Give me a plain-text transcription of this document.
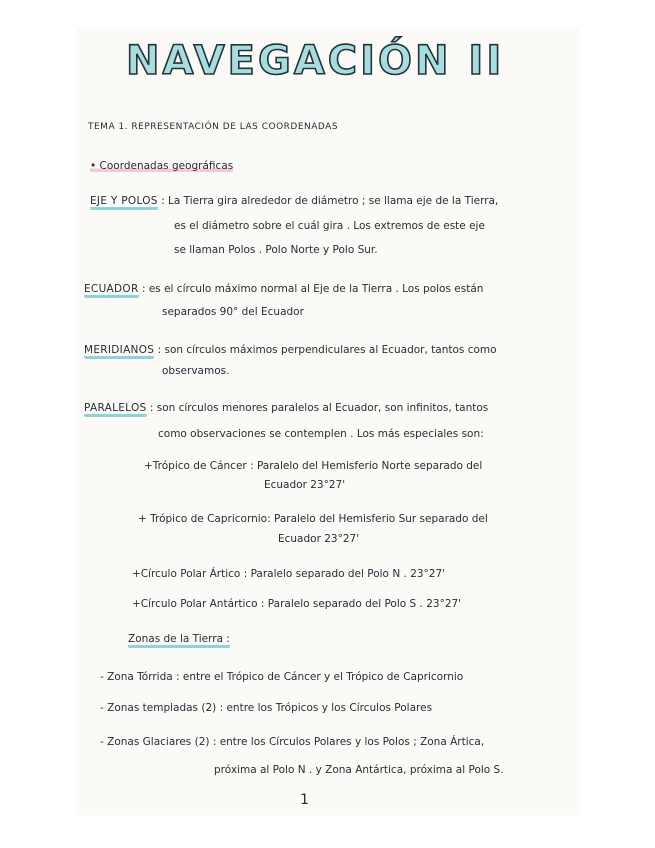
NAVEGACIÓN II
TEMA 1. REPRESENTACIÓN DE LAS COORDENADAS
• Coordenadas geográficas
EJE Y POLOS : La Tierra gira alrededor de diámetro ; se llama eje de la Tierra,
es el diámetro sobre el cuál gira . Los extremos de este eje
se llaman Polos . Polo Norte y Polo Sur.
ECUADOR : es el círculo máximo normal al Eje de la Tierra . Los polos están
separados 90° del Ecuador
MERIDIANOS : son círculos máximos perpendiculares al Ecuador, tantos como
observamos.
PARALELOS : son círculos menores paralelos al Ecuador, son infinitos, tantos
como observaciones se contemplen . Los más especiales son:
+Trópico de Cáncer : Paralelo del Hemisferio Norte separado del
Ecuador 23°27'
+ Trópico de Capricornio: Paralelo del Hemisferio Sur separado del
Ecuador 23°27'
+Círculo Polar Ártico : Paralelo separado del Polo N . 23°27'
+Círculo Polar Antártico : Paralelo separado del Polo S . 23°27'
Zonas de la Tierra :
- Zona Tórrida : entre el Trópico de Cáncer y el Trópico de Capricornio
- Zonas templadas (2) : entre los Trópicos y los Círculos Polares
- Zonas Glaciares (2) : entre los Círculos Polares y los Polos ; Zona Ártica,
próxima al Polo N . y Zona Antártica, próxima al Polo S.
1
